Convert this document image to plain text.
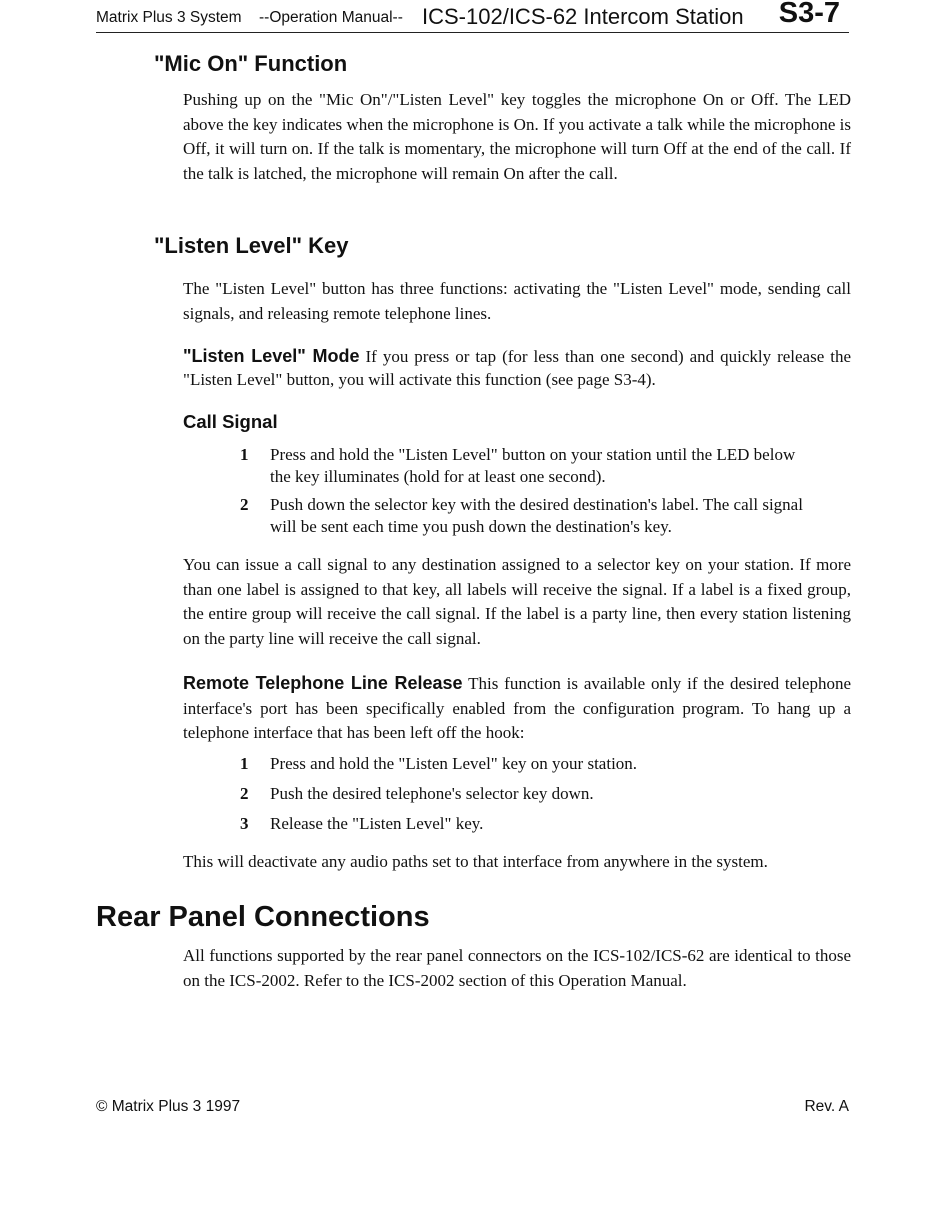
Matrix Plus 3 System --Operation Manual-- ICS-102/ICS-62 Intercom Station S3-7
"Mic On" Function

Pushing up on the "Mic On"/"Listen Level" key toggles the microphone On or Off. The LED above the key indicates when the microphone is On. If you activate a talk while the microphone is Off, it will turn on. If the talk is momentary, the microphone will turn Off at the end of the call. If the talk is latched, the microphone will remain On after the call.

"Listen Level" Key

The "Listen Level" button has three functions: activating the "Listen Level" mode, sending call signals, and releasing remote telephone lines.

"Listen Level" Mode If you press or tap (for less than one second) and quickly release the "Listen Level" button, you will activate this function (see page S3-4).

Call Signal
1 Press and hold the "Listen Level" button on your station until the LED below the key illuminates (hold for at least one second).
2 Push down the selector key with the desired destination's label. The call signal will be sent each time you push down the destination's key.

You can issue a call signal to any destination assigned to a selector key on your station. If more than one label is assigned to that key, all labels will receive the signal. If a label is a fixed group, the entire group will receive the call signal. If the label is a party line, then every station listening on the party line will receive the call signal.

Remote Telephone Line Release This function is available only if the desired telephone interface's port has been specifically enabled from the configuration program. To hang up a telephone interface that has been left off the hook:

1 Press and hold the "Listen Level" key on your station.
2 Push the desired telephone's selector key down.
3 Release the "Listen Level" key.

This will deactivate any audio paths set to that interface from anywhere in the system.

Rear Panel Connections

All functions supported by the rear panel connectors on the ICS-102/ICS-62 are identical to those on the ICS-2002. Refer to the ICS-2002 section of this Operation Manual.

© Matrix Plus 3 1997	Rev. A
